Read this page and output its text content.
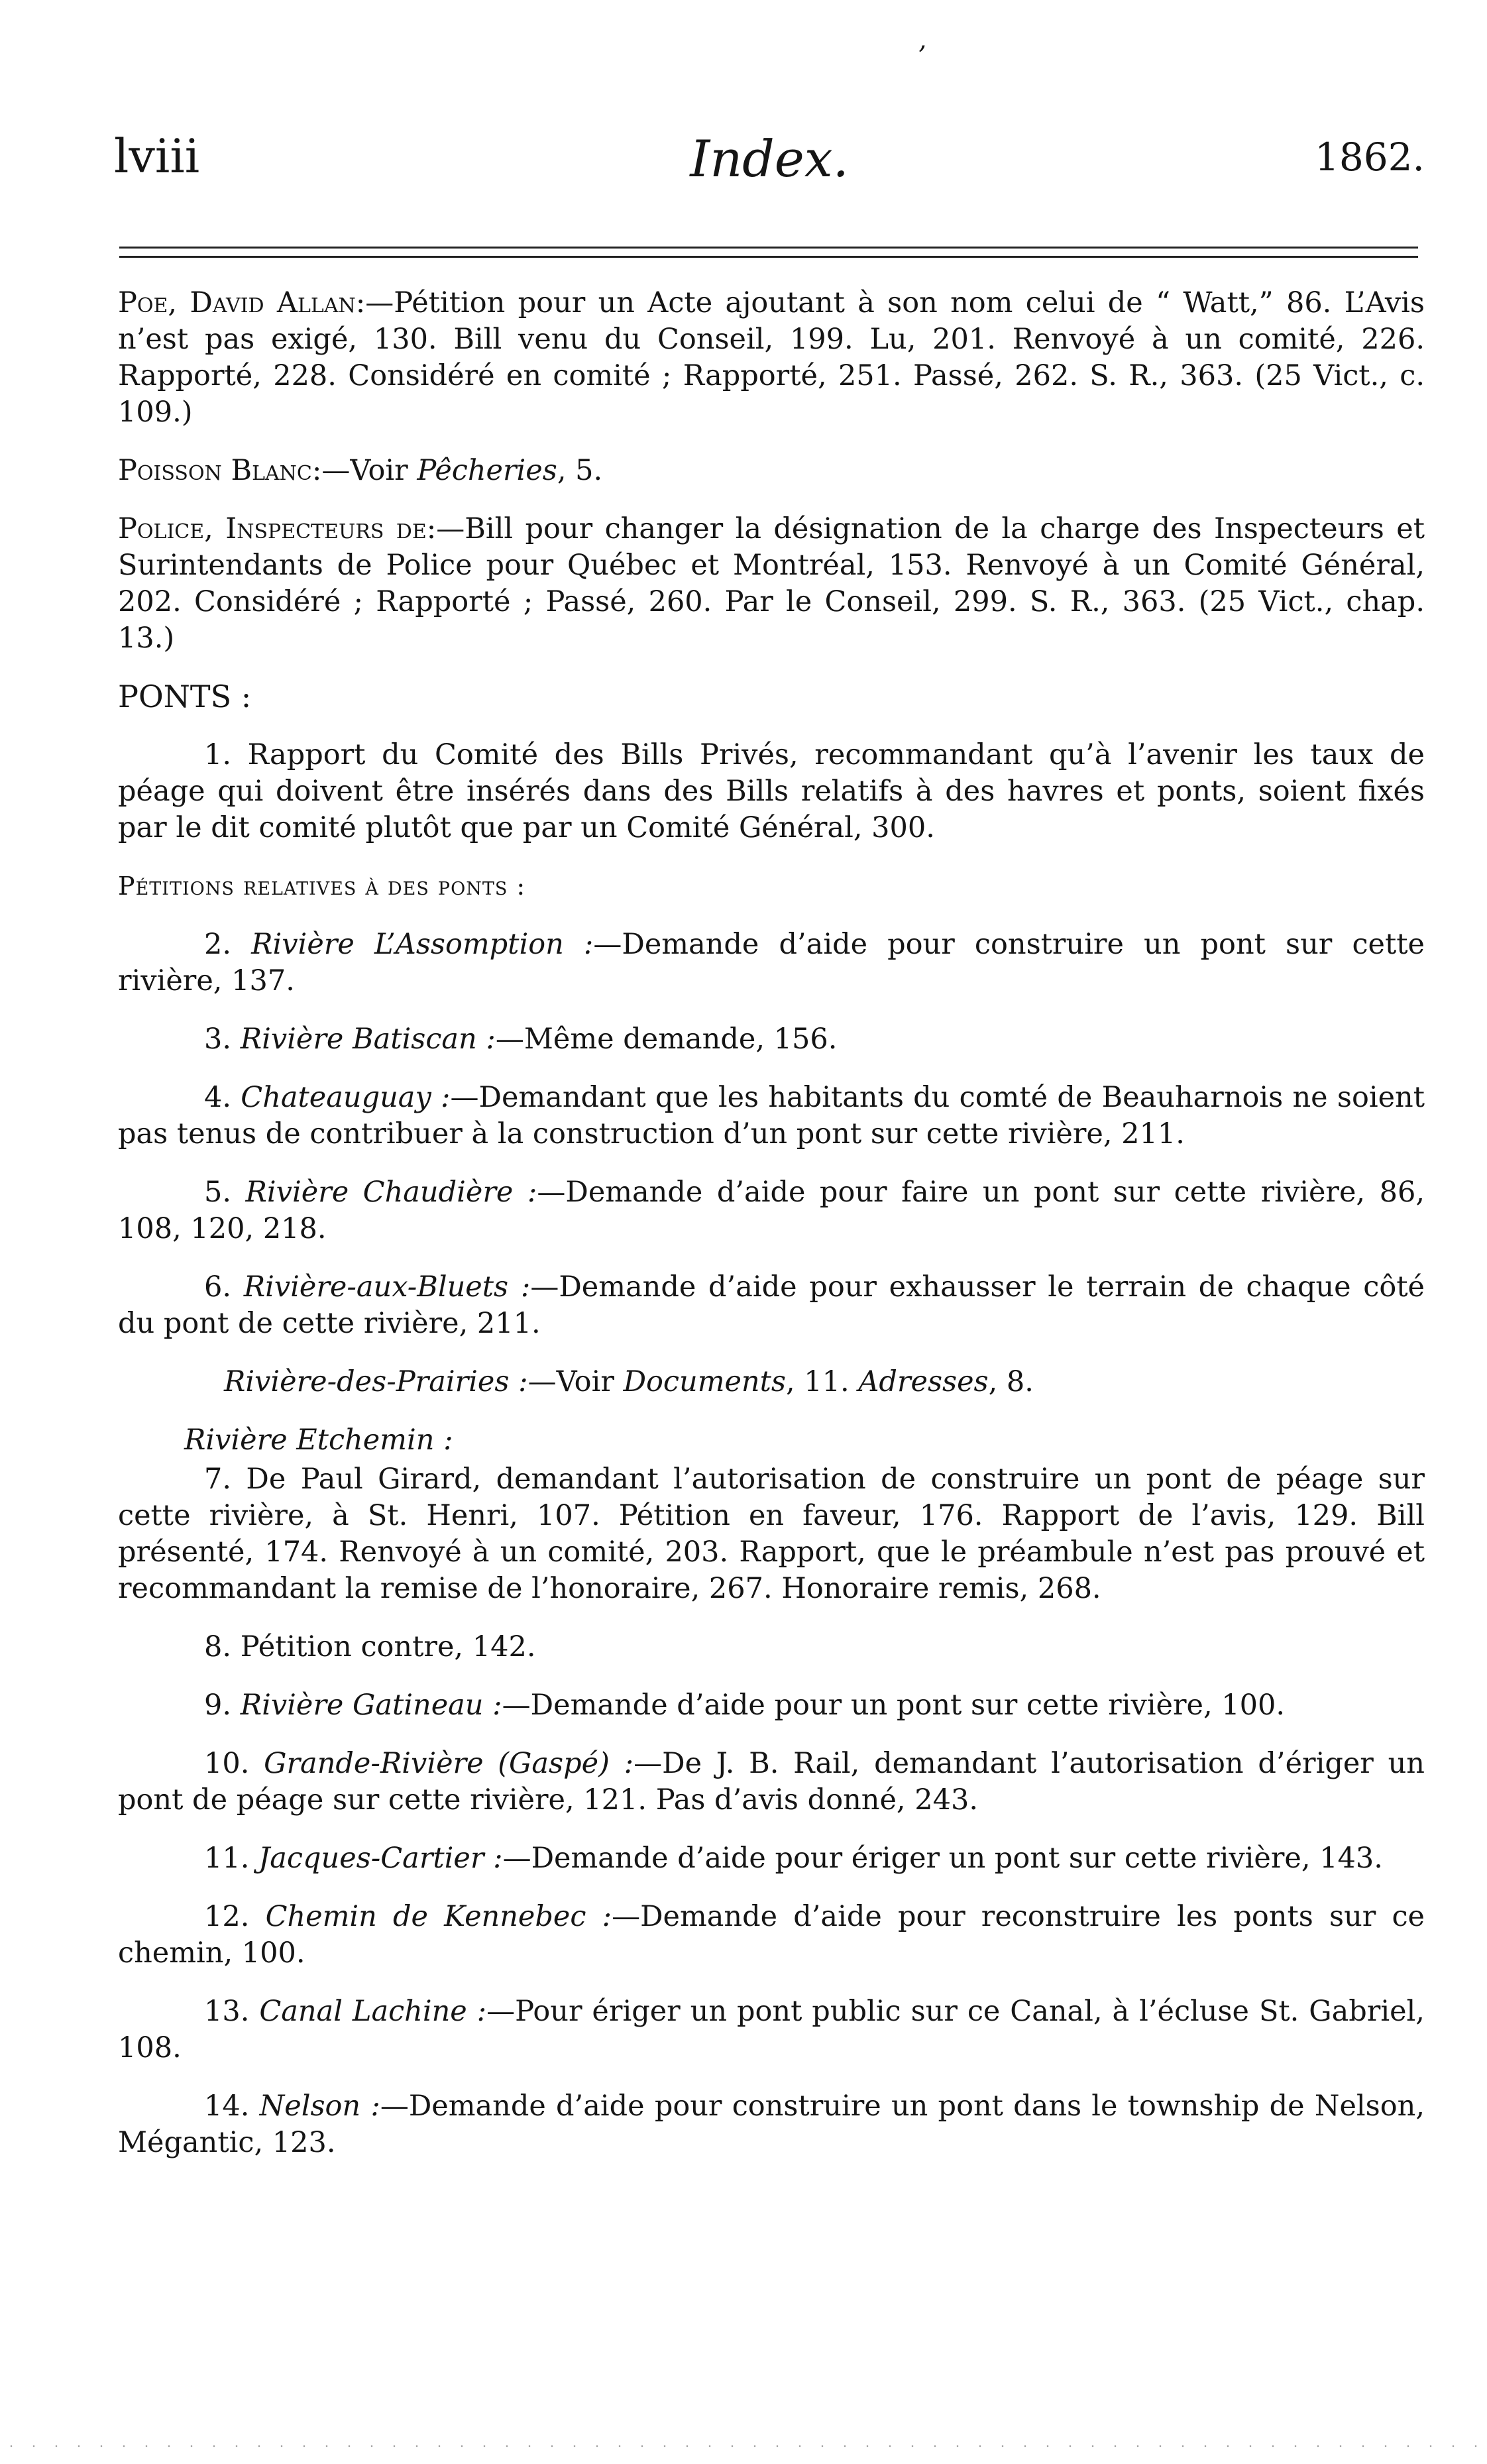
’
lviii	Index.	1862.

Poe, David Allan:—Pétition pour un Acte ajoutant à son nom celui de “ Watt,” 86. L’Avis n’est pas exigé, 130. Bill venu du Conseil, 199. Lu, 201. Renvoyé à un comité, 226. Rapporté, 228. Considéré en comité ; Rapporté, 251. Passé, 262. S. R., 363. (25 Vict., c. 109.)

Poisson Blanc:—Voir Pêcheries, 5.

Police, Inspecteurs de:—Bill pour changer la désignation de la charge des Inspecteurs et Surintendants de Police pour Québec et Montréal, 153. Renvoyé à un Comité Général, 202. Considéré ; Rapporté ; Passé, 260. Par le Conseil, 299. S. R., 363. (25 Vict., chap. 13.)

PONTS :

1. Rapport du Comité des Bills Privés, recommandant qu’à l’avenir les taux de péage qui doivent être insérés dans des Bills relatifs à des havres et ponts, soient fixés par le dit comité plutôt que par un Comité Général, 300.

Pétitions relatives à des ponts :

2. Rivière L’Assomption :—Demande d’aide pour construire un pont sur cette rivière, 137.

3. Rivière Batiscan :—Même demande, 156.

4. Chateauguay :—Demandant que les habitants du comté de Beauharnois ne soient pas tenus de contribuer à la construction d’un pont sur cette rivière, 211.

5. Rivière Chaudière :—Demande d’aide pour faire un pont sur cette rivière, 86, 108, 120, 218.

6. Rivière-aux-Bluets :—Demande d’aide pour exhausser le terrain de chaque côté du pont de cette rivière, 211.

Rivière-des-Prairies :—Voir Documents, 11. Adresses, 8.

Rivière Etchemin :

7. De Paul Girard, demandant l’autorisation de construire un pont de péage sur cette rivière, à St. Henri, 107. Pétition en faveur, 176. Rapport de l’avis, 129. Bill présenté, 174. Renvoyé à un comité, 203. Rapport, que le préambule n’est pas prouvé et recommandant la remise de l’honoraire, 267. Honoraire remis, 268.

8. Pétition contre, 142.

9. Rivière Gatineau :—Demande d’aide pour un pont sur cette rivière, 100.

10. Grande-Rivière (Gaspé) :—De J. B. Rail, demandant l’autorisation d’ériger un pont de péage sur cette rivière, 121. Pas d’avis donné, 243.

11. Jacques-Cartier :—Demande d’aide pour ériger un pont sur cette rivière, 143.

12. Chemin de Kennebec :—Demande d’aide pour reconstruire les ponts sur ce chemin, 100.

13. Canal Lachine :—Pour ériger un pont public sur ce Canal, à l’écluse St. Gabriel, 108.

14. Nelson :—Demande d’aide pour construire un pont dans le township de Nelson, Mégantic, 123.
